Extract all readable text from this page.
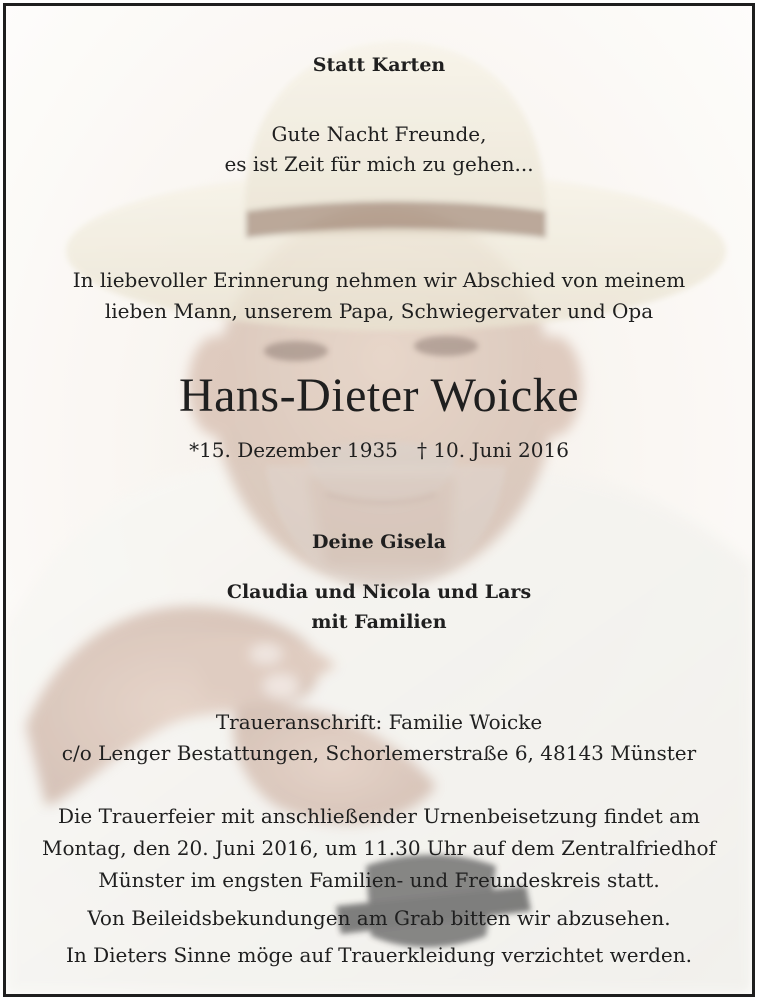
Statt Karten
Gute Nacht Freunde,
es ist Zeit für mich zu gehen...
In liebevoller Erinnerung nehmen wir Abschied von meinem
lieben Mann, unserem Papa, Schwiegervater und Opa
Hans-Dieter Woicke
*15. Dezember 1935   † 10. Juni 2016
Deine Gisela
Claudia und Nicola und Lars
mit Familien
Traueranschrift: Familie Woicke
c/o Lenger Bestattungen, Schorlemerstraße 6, 48143 Münster
Die Trauerfeier mit anschließender Urnenbeisetzung findet am
Montag, den 20. Juni 2016, um 11.30 Uhr auf dem Zentralfriedhof
Münster im engsten Familien- und Freundeskreis statt.
Von Beileidsbekundungen am Grab bitten wir abzusehen.
In Dieters Sinne möge auf Trauerkleidung verzichtet werden.
